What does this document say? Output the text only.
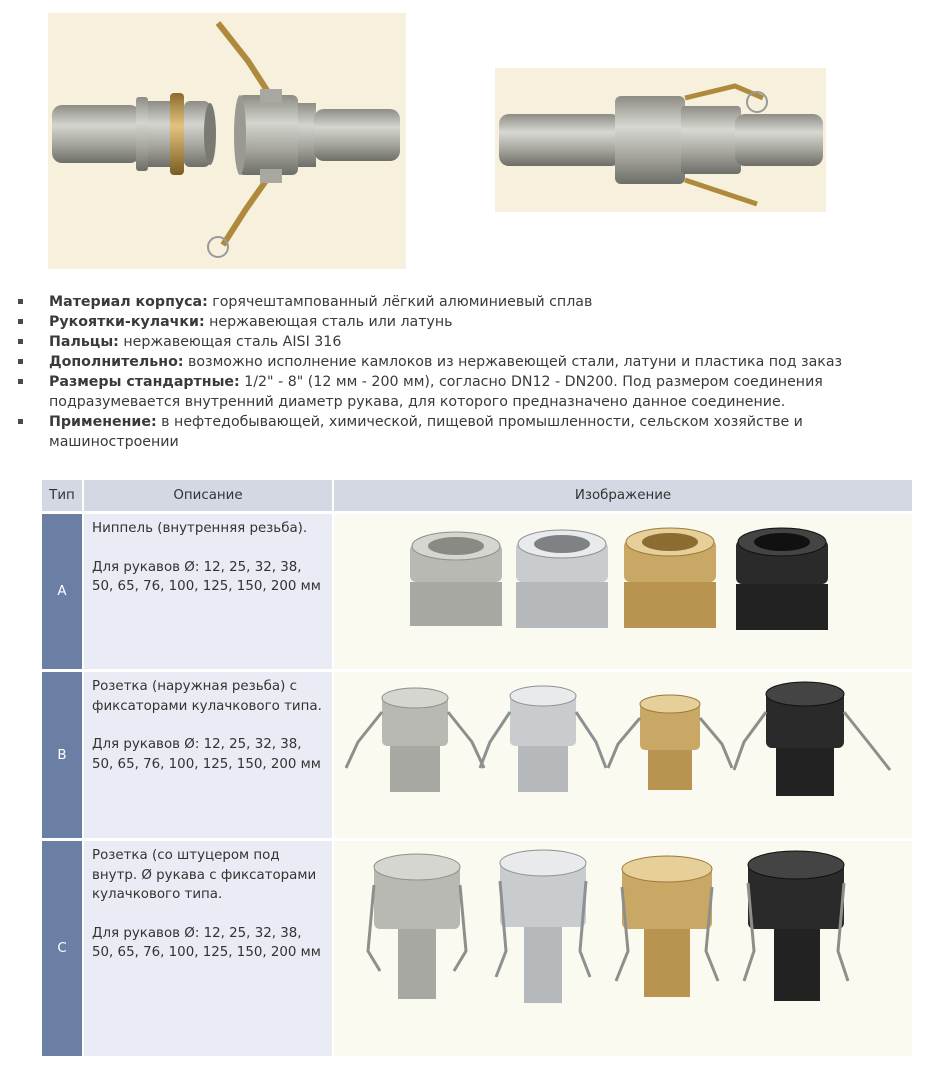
Материал корпуса: горячештампованный лёгкий алюминиевый сплав
Рукоятки-кулачки: нержавеющая сталь или латунь
Пальцы: нержавеющая сталь AISI 316
Дополнительно: возможно исполнение камлоков из нержавеющей стали, латуни и пластика под заказ
Размеры стандартные: 1/2" - 8" (12 мм - 200 мм), согласно DN12 - DN200. Под размером соединения подразумевается внутренний диаметр рукава, для которого предназначено данное соединение.
Применение: в нефтедобывающей, химической, пищевой промышленности, сельском хозяйстве и машиностроении
Тип	Описание	Изображение
A	Ниппель (внутренняя резьба).
Для рукавов Ø: 12, 25, 32, 38, 50, 65, 76, 100, 125, 150, 200 мм

B	Розетка (наружная резьба) с фиксаторами кулачкового типа.
Для рукавов Ø: 12, 25, 32, 38, 50, 65, 76, 100, 125, 150, 200 мм

C	Розетка (со штуцером под внутр. Ø рукава с фиксаторами кулачкового типа.
Для рукавов Ø: 12, 25, 32, 38, 50, 65, 76, 100, 125, 150, 200 мм
